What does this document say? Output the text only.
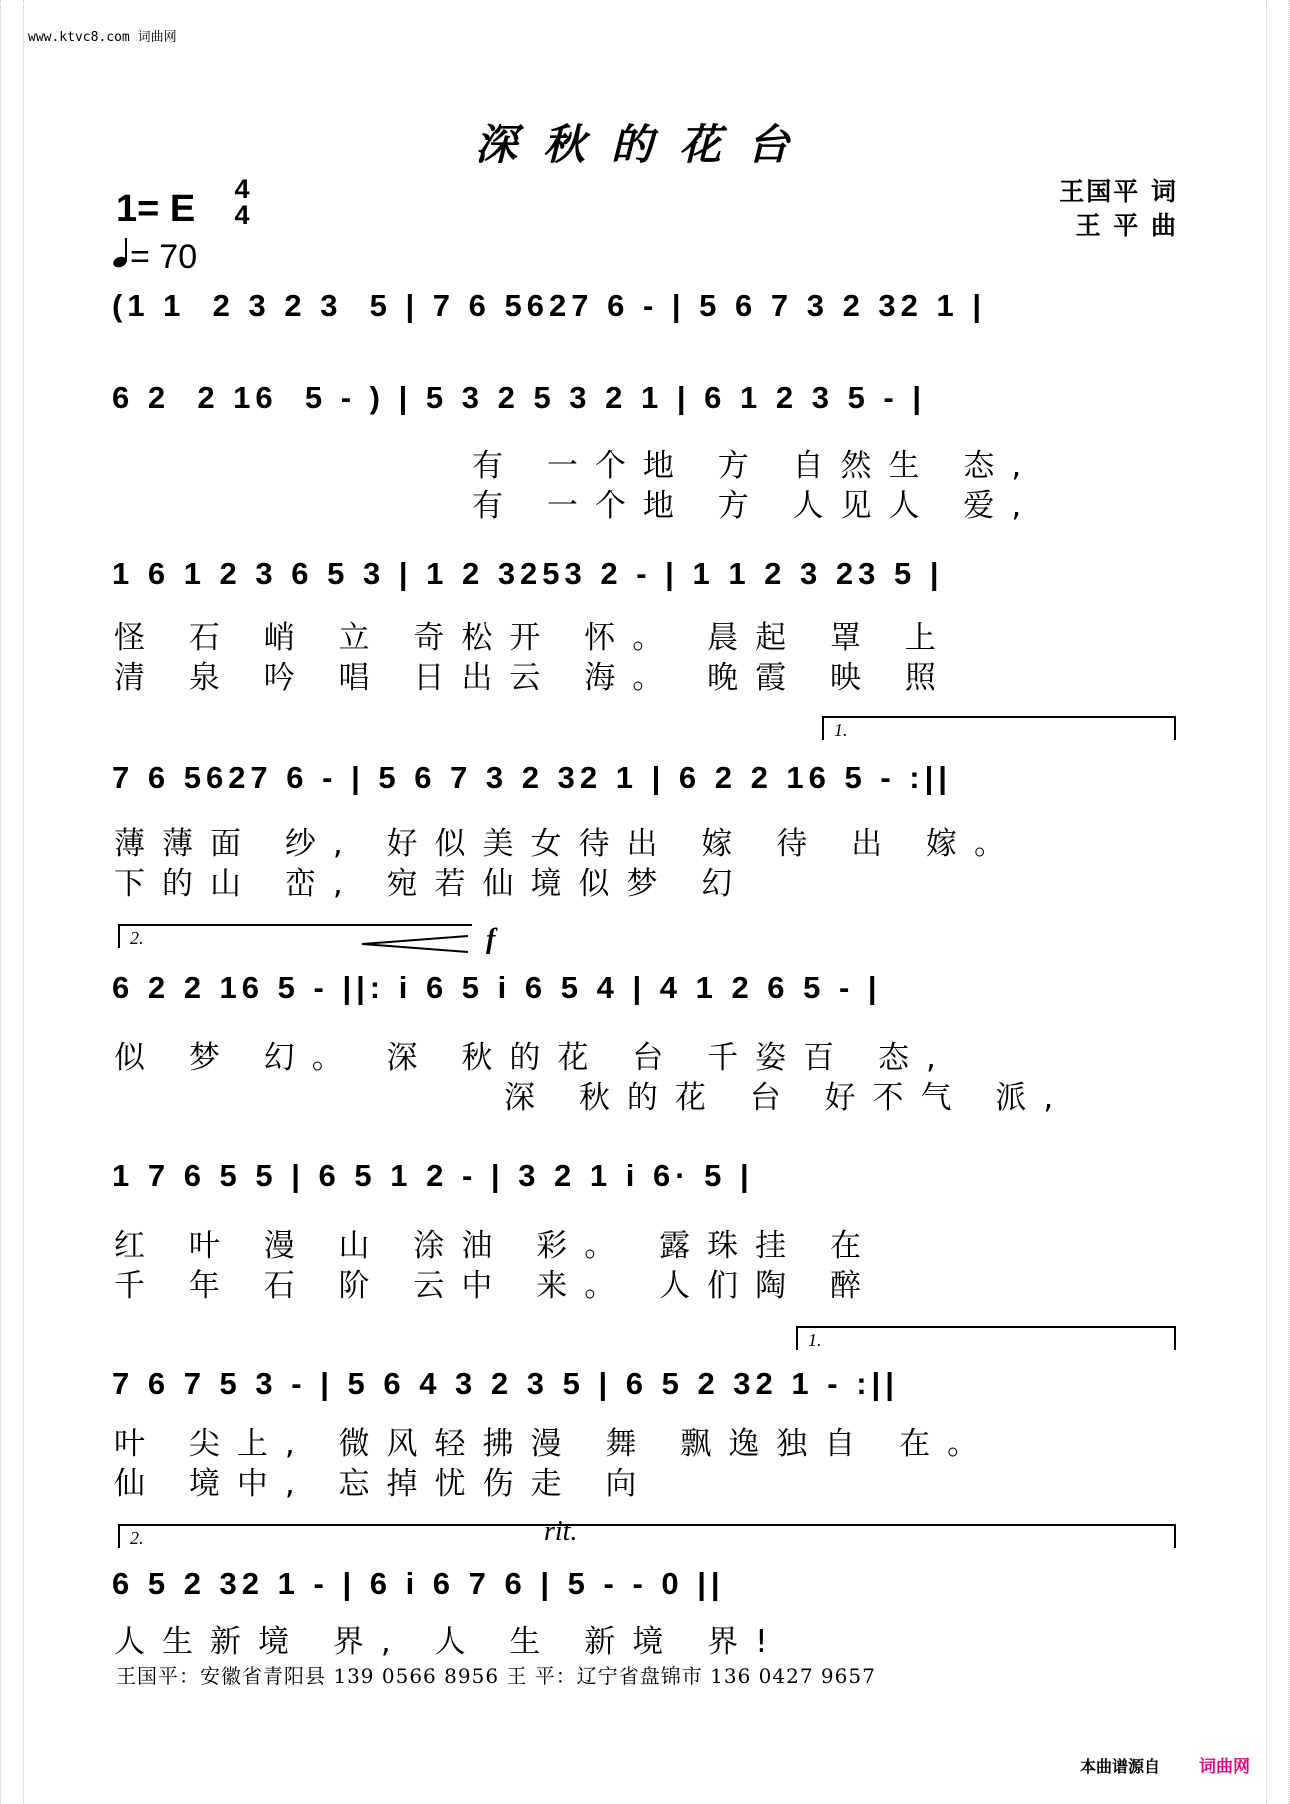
www.ktvc8.com 词曲网
深秋的花台
王国平 词
王 平 曲
1= E 4
4
= 70
(1 1  2 3 2 3  5 | 7 6 5627 6 - | 5 6 7 3 2 32 1 |
6 2  2 16  5 - ) | 5 3 2 5 3 2 1 | 6 1 2 3 5 - |
有 一个地 方 自然生 态,
有 一个地 方 人见人 爱,
1 6 1 2 3 6 5 3 | 1 2 3253 2 - | 1 1 2 3 23 5 |
怪 石 峭 立 奇松开 怀。 晨起 罩 上
清 泉 吟 唱 日出云 海。 晚霞 映 照
1.
7 6 5627 6 - | 5 6 7 3 2 32 1 | 6 2 2 16 5 - :||
薄薄面 纱, 好似美女待出 嫁 待 出 嫁。
下的山 峦, 宛若仙境似梦 幻
2.	f
6 2 2 16 5 - ||: i 6 5 i 6 5 4 | 4 1 2 6 5 - |
似 梦 幻。 深 秋的花 台 千姿百 态,
深 秋的花 台 好不气 派,
1 7 6 5 5 | 6 5 1 2 - | 3 2 1 i 6· 5 |
红 叶 漫 山 涂油 彩。 露珠挂 在
千 年 石 阶 云中 来。 人们陶 醉
1.
7 6 7 5 3 - | 5 6 4 3 2 3 5 | 6 5 2 32 1 - :||
叶 尖上, 微风轻拂漫 舞 飘逸独自 在。
仙 境中, 忘掉忧伤走 向
2.	rit.
6 5 2 32 1 - | 6 i 6 7 6 | 5 - - 0 ||
人生新境 界, 人 生 新境 界!
王国平：安徽省青阳县 139 0566 8956 王 平：辽宁省盘锦市 136 0427 9657
本曲谱源自 词曲网
